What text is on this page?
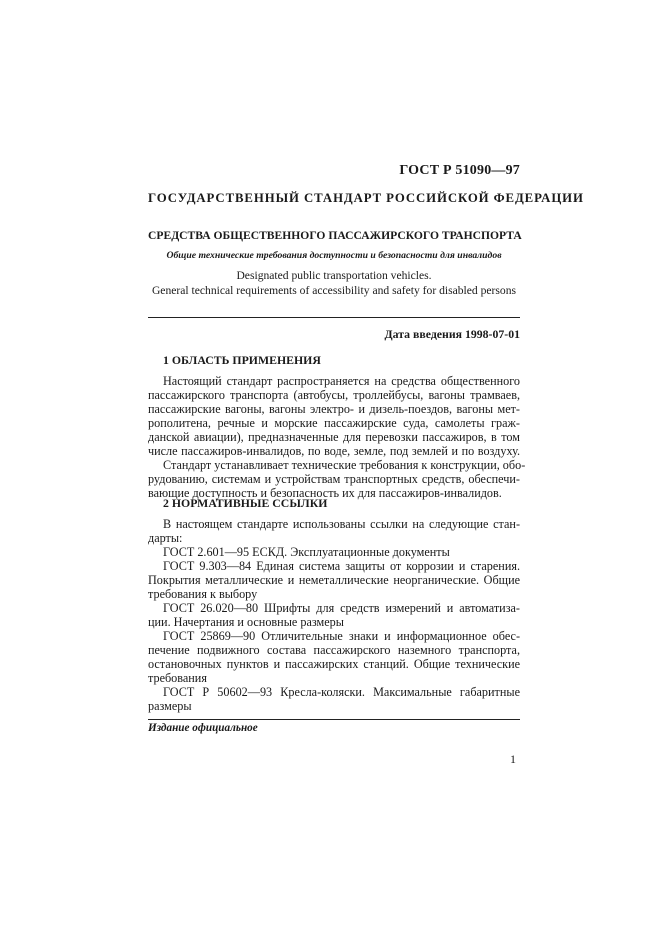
ГОСТ Р 51090—97
ГОСУДАРСТВЕННЫЙ СТАНДАРТ РОССИЙСКОЙ ФЕДЕРАЦИИ
СРЕДСТВА ОБЩЕСТВЕННОГО ПАССАЖИРСКОГО ТРАНСПОРТА
Общие технические требования доступности и безопасности для инвалидов
Designated public transportation vehicles.
General technical requirements of accessibility and safety for disabled persons
Дата введения 1998-07-01
1 ОБЛАСТЬ ПРИМЕНЕНИЯ
Настоящий стандарт распространяется на средства общественного
пассажирского транспорта (автобусы, троллейбусы, вагоны трамваев,
пассажирские вагоны, вагоны электро- и дизель-поездов, вагоны мет-
рополитена, речные и морские пассажирские суда, самолеты граж-
данской авиации), предназначенные для перевозки пассажиров, в том
числе пассажиров-инвалидов, по воде, земле, под землей и по воздуху.
Стандарт устанавливает технические требования к конструкции, обо-
рудованию, системам и устройствам транспортных средств, обеспечи-
вающие доступность и безопасность их для пассажиров-инвалидов.
2 НОРМАТИВНЫЕ ССЫЛКИ
В настоящем стандарте использованы ссылки на следующие стан-
дарты:
ГОСТ 2.601—95 ЕСКД. Эксплуатационные документы
ГОСТ 9.303—84 Единая система защиты от коррозии и старения.
Покрытия металлические и неметаллические неорганические. Общие
требования к выбору
ГОСТ 26.020—80 Шрифты для средств измерений и автоматиза-
ции. Начертания и основные размеры
ГОСТ 25869—90 Отличительные знаки и информационное обес-
печение подвижного состава пассажирского наземного транспорта,
остановочных пунктов и пассажирских станций. Общие технические
требования
ГОСТ Р 50602—93 Кресла-коляски. Максимальные габаритные
размеры
Издание официальное
1
